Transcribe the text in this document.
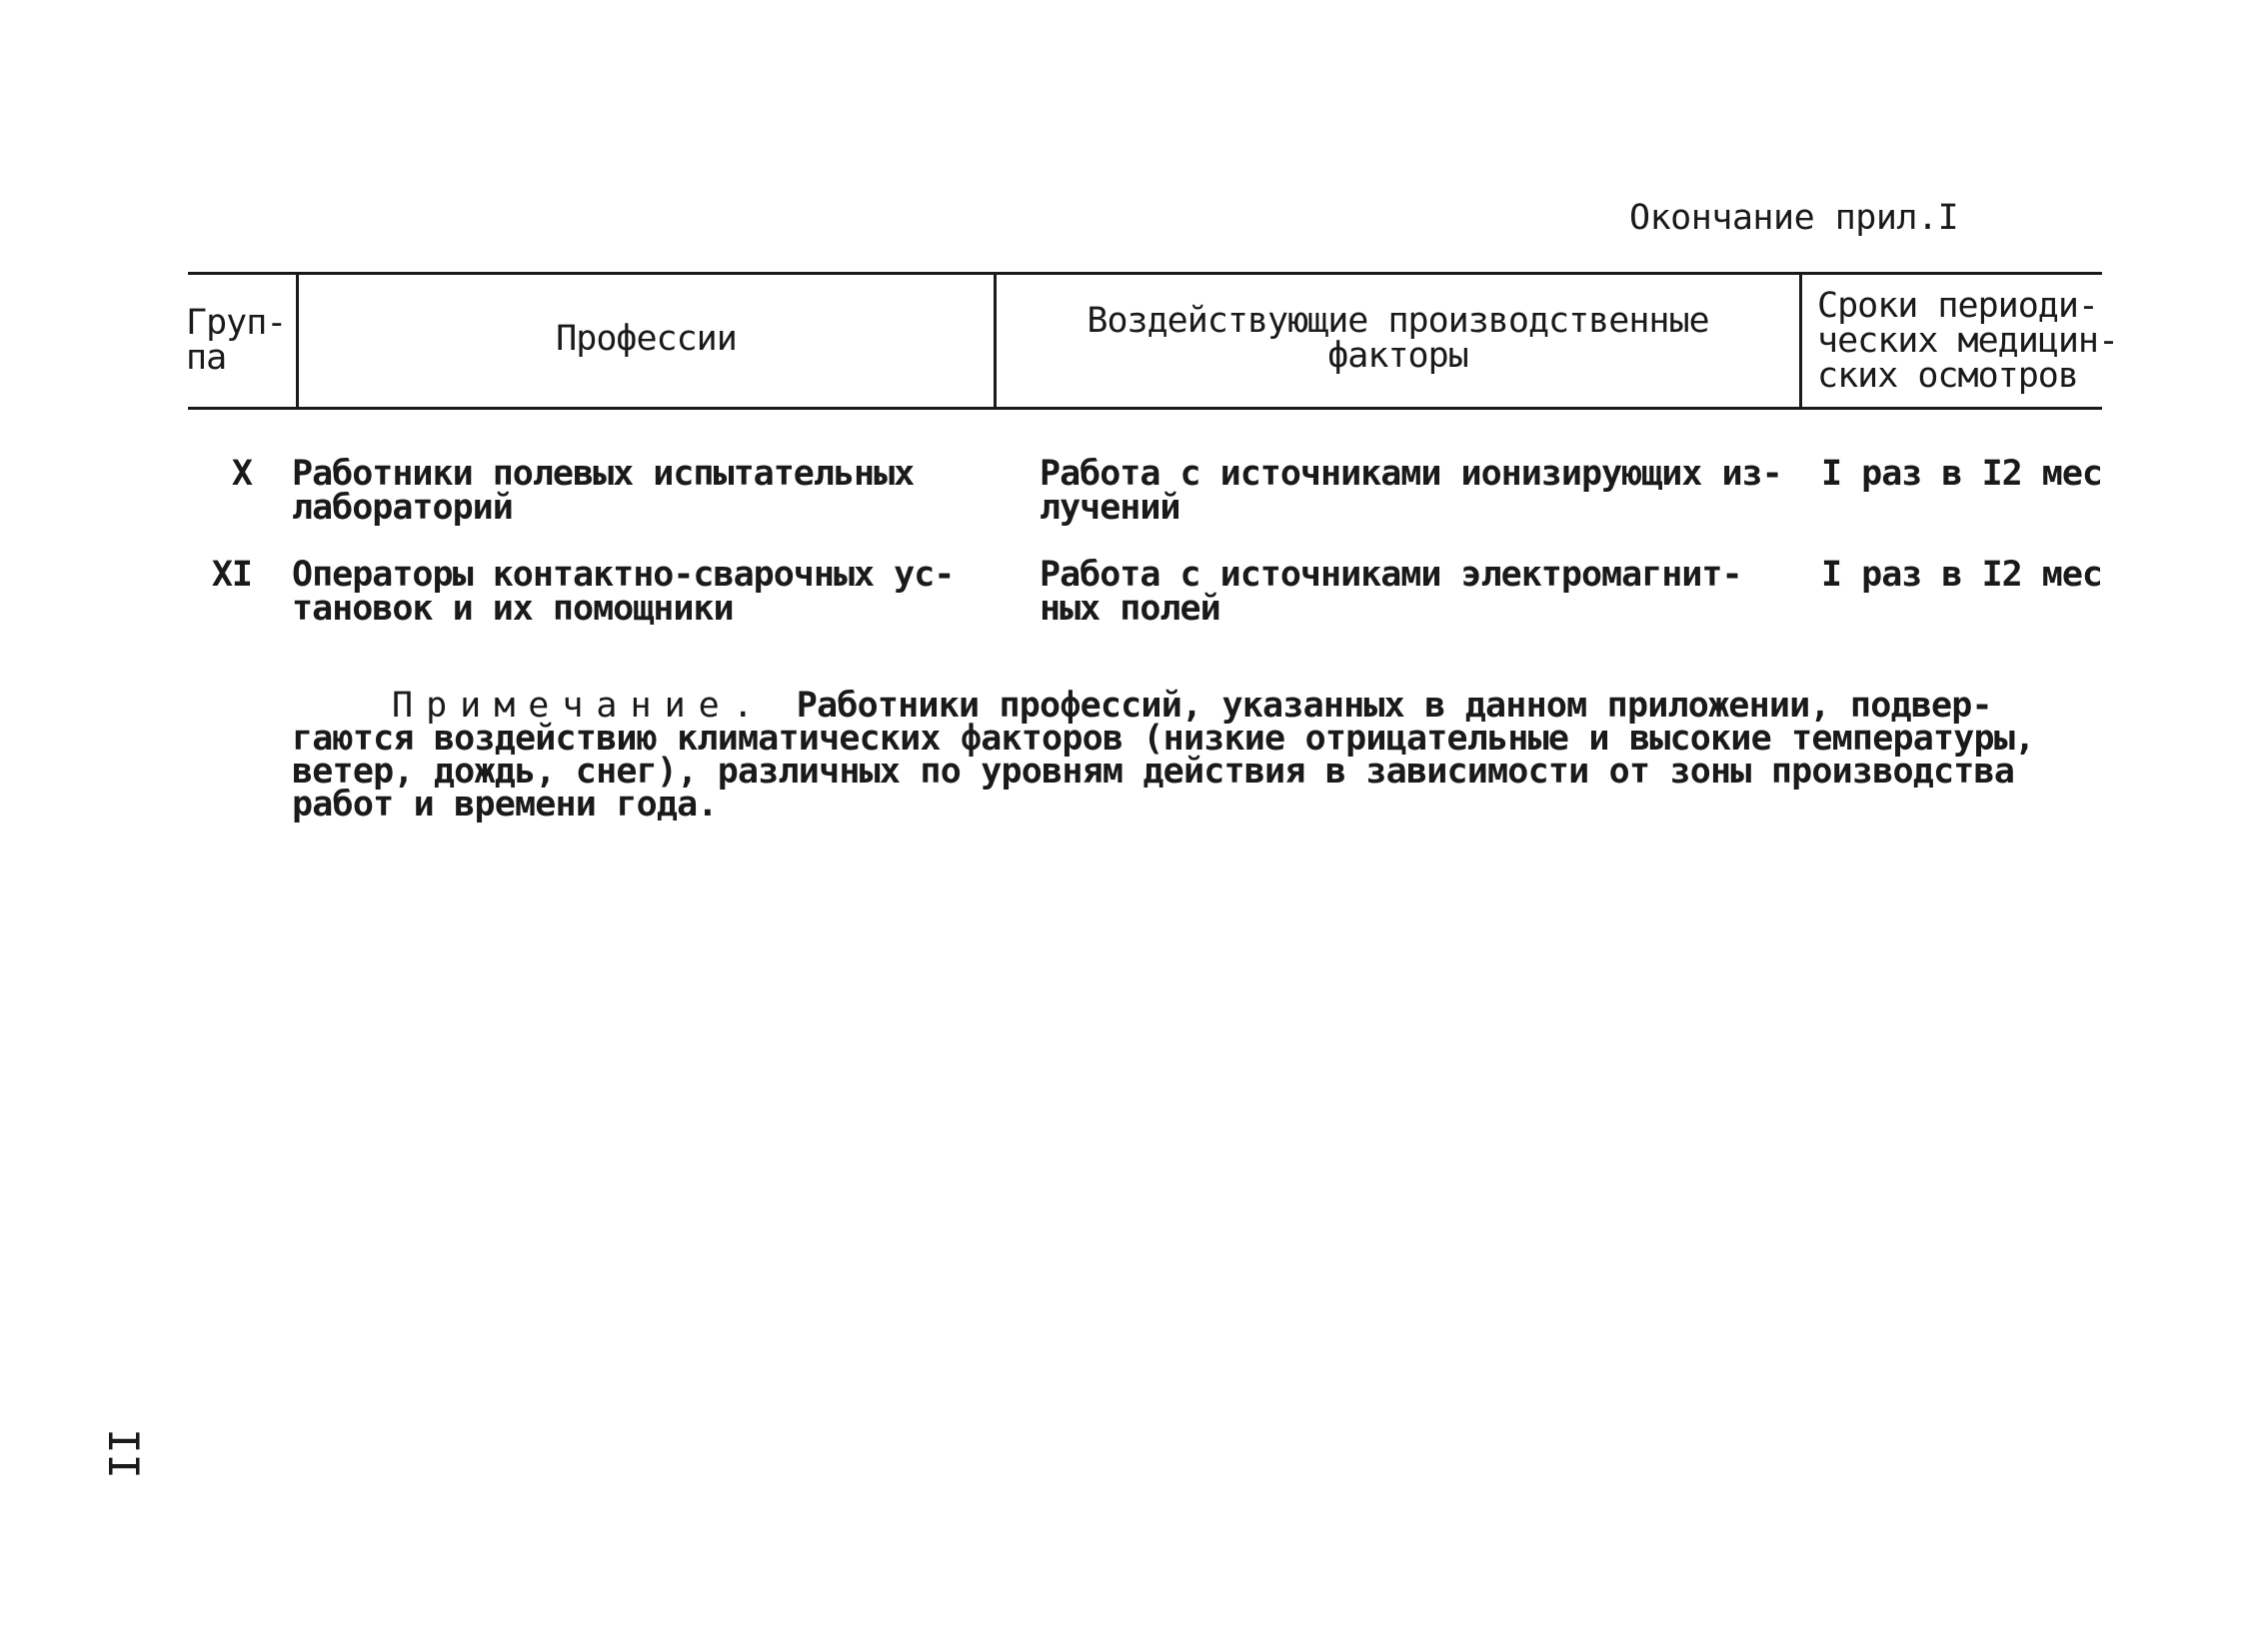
Окончание прил.I
Груп-
па	Профессии	Воздействующие производственные
факторы
Сроки периоди-
ческих медицин-
ских осмотров
X Работники полевых испытательных
лабораторий
Работа с источниками ионизирующих из-
лучений
I раз в I2 мес
XI Операторы контактно-сварочных ус-
тановок и их помощники
Работа с источниками электромагнит-
ных полей
I раз в I2 мес
Примечание. Работники профессий, указанных в данном приложении, подвер-
гаются воздействию климатических факторов (низкие отрицательные и высокие температуры,
ветер, дождь, снег), различных по уровням действия в зависимости от зоны производства
работ и времени года.
II
